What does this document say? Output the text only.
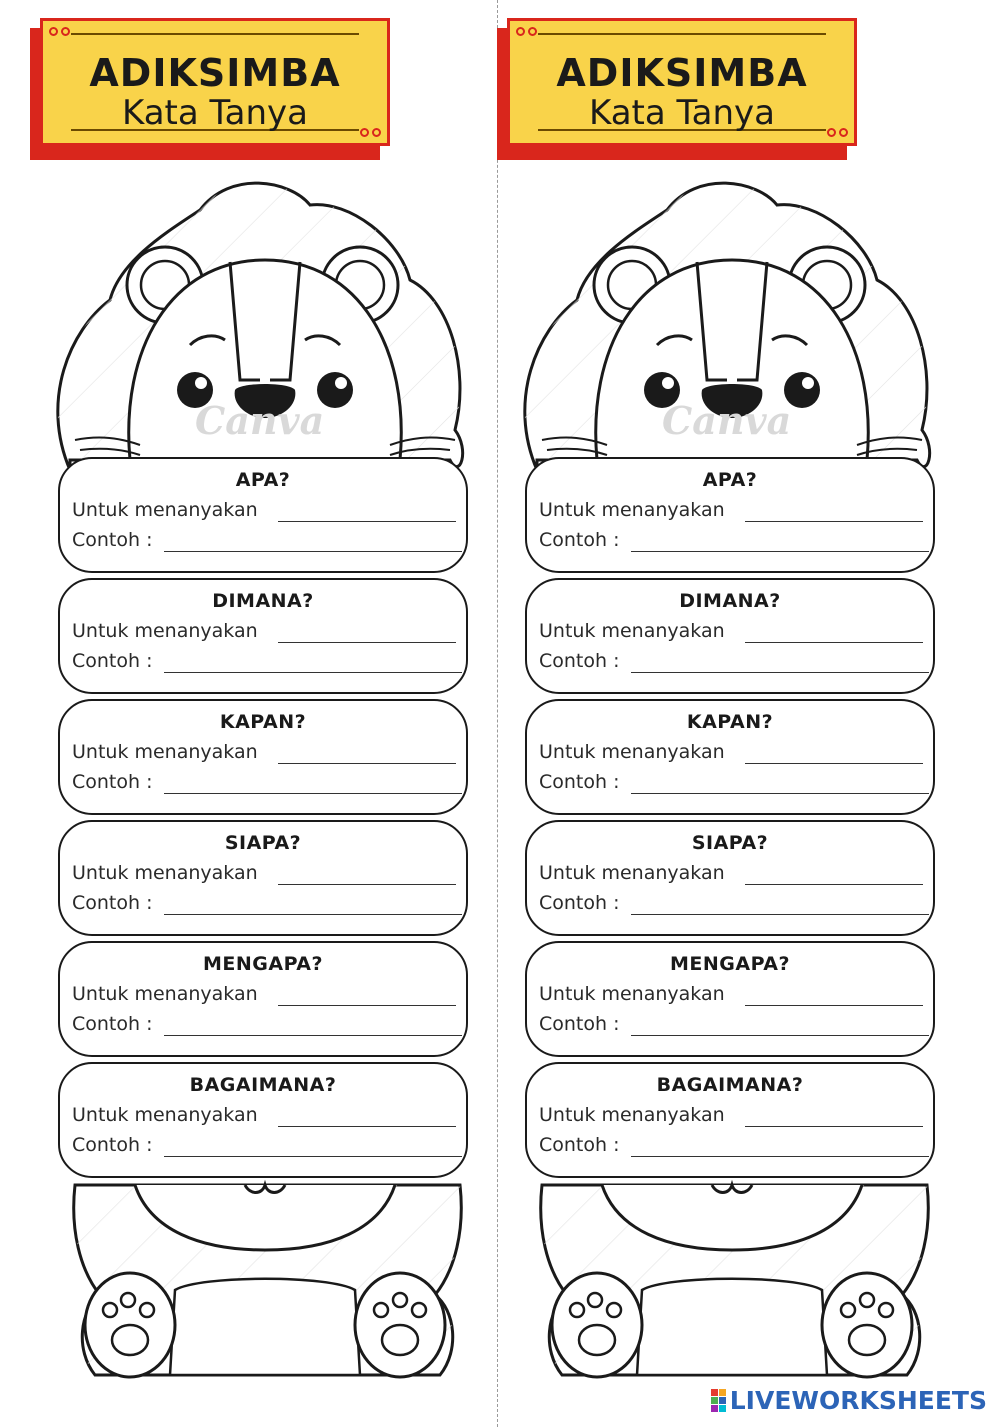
ADIKSIMBA
Kata Tanya
Canva
APA?
Untuk menanyakan
Contoh :
DIMANA?
Untuk menanyakan
Contoh :
KAPAN?
Untuk menanyakan
Contoh :
SIAPA?
Untuk menanyakan
Contoh :
MENGAPA?
Untuk menanyakan
Contoh :
BAGAIMANA?
Untuk menanyakan
Contoh :
ADIKSIMBA
Kata Tanya
Canva
APA?
Untuk menanyakan
Contoh :
DIMANA?
Untuk menanyakan
Contoh :
KAPAN?
Untuk menanyakan
Contoh :
SIAPA?
Untuk menanyakan
Contoh :
MENGAPA?
Untuk menanyakan
Contoh :
BAGAIMANA?
Untuk menanyakan
Contoh :
LIVEWORKSHEETS
